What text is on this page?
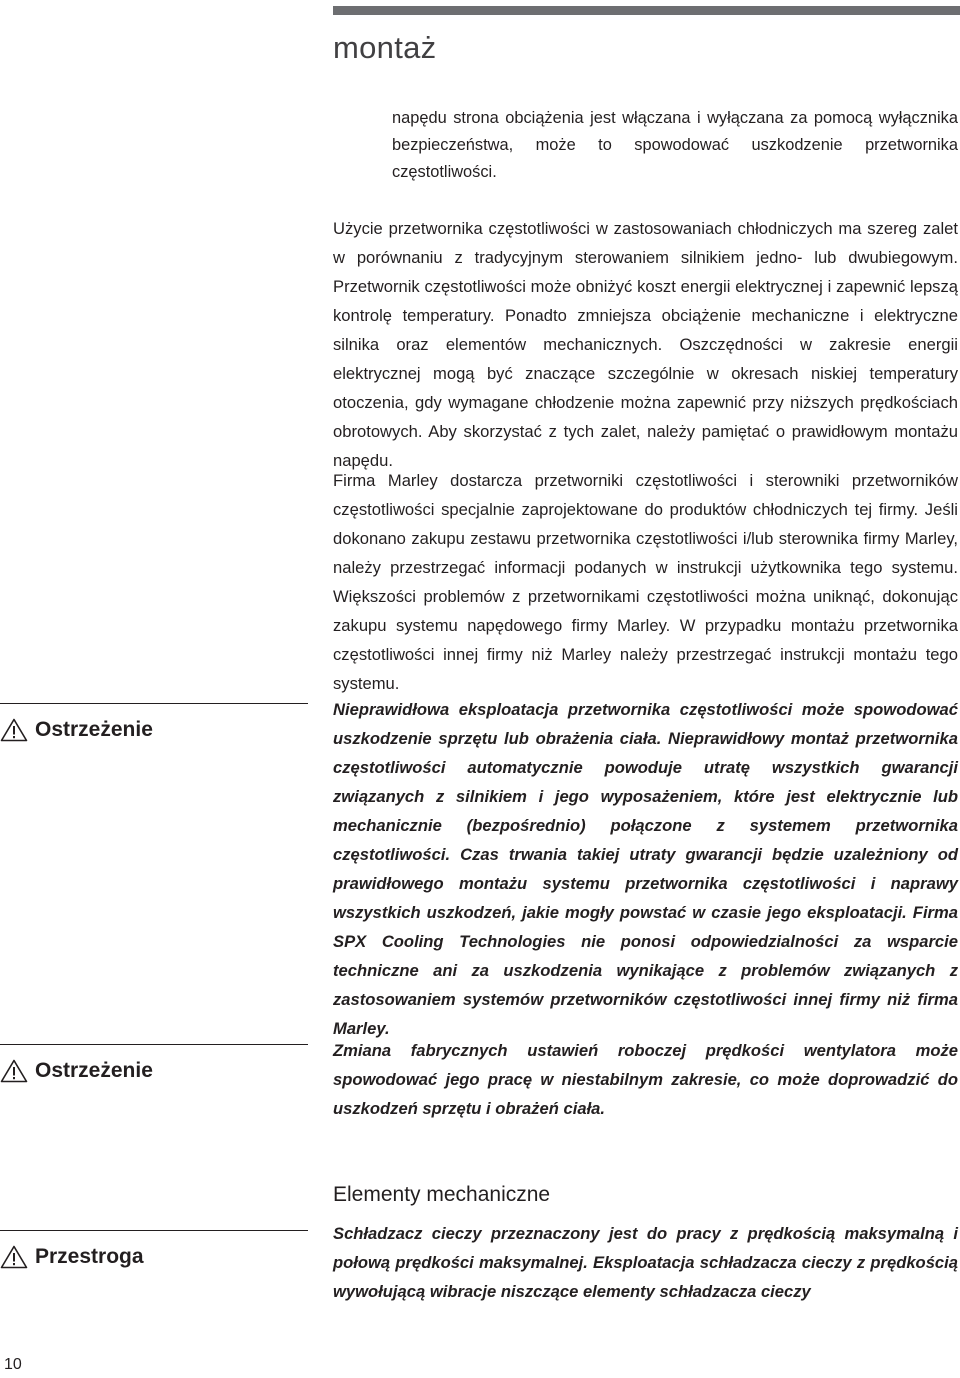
montaż

napędu strona obciążenia jest włączana i wyłączana za pomocą wyłącznika bezpieczeństwa, może to spowodować uszkodzenie przetwornika częstotliwości.

Użycie przetwornika częstotliwości w zastosowaniach chłodniczych ma szereg zalet w porównaniu z tradycyjnym sterowaniem silnikiem jedno- lub dwubiegowym. Przetwornik częstotliwości może obniżyć koszt energii elektrycznej i zapewnić lepszą kontrolę temperatury. Ponadto zmniejsza obciążenie mechaniczne i elektryczne silnika oraz elementów mechanicznych. Oszczędności w zakresie energii elektrycznej mogą być znaczące szczególnie w okresach niskiej temperatury otoczenia, gdy wymagane chłodzenie można zapewnić przy niższych prędkościach obrotowych. Aby skorzystać z tych zalet, należy pamiętać o prawidłowym montażu napędu.

Firma Marley dostarcza przetworniki częstotliwości i sterowniki przetworników częstotliwości specjalnie zaprojektowane do produktów chłodniczych tej firmy. Jeśli dokonano zakupu zestawu przetwornika częstotliwości i/lub sterownika firmy Marley, należy przestrzegać informacji podanych w instrukcji użytkownika tego systemu. Większości problemów z przetwornikami częstotliwości można uniknąć, dokonując zakupu systemu napędowego firmy Marley. W przypadku montażu przetwornika częstotliwości innej firmy niż Marley należy przestrzegać instrukcji montażu tego systemu.

Ostrzeżenie

Nieprawidłowa eksploatacja przetwornika częstotliwości może spowodować uszkodzenie sprzętu lub obrażenia ciała. Nieprawidłowy montaż przetwornika częstotliwości automatycznie powoduje utratę wszystkich gwarancji związanych z silnikiem i jego wyposażeniem, które jest elektrycznie lub mechanicznie (bezpośrednio) połączone z systemem przetwornika częstotliwości. Czas trwania takiej utraty gwarancji będzie uzależniony od prawidłowego montażu systemu przetwornika częstotliwości i naprawy wszystkich uszkodzeń, jakie mogły powstać w czasie jego eksploatacji. Firma SPX Cooling Technologies nie ponosi odpowiedzialności za wsparcie techniczne ani za uszkodzenia wynikające z problemów związanych z zastosowaniem systemów przetworników częstotliwości innej firmy niż firma Marley.

Ostrzeżenie

Zmiana fabrycznych ustawień roboczej prędkości wentylatora może spowodować jego pracę w niestabilnym zakresie, co może doprowadzić do uszkodzeń sprzętu i obrażeń ciała.

Elementy mechaniczne
Przestroga

Schładzacz cieczy przeznaczony jest do pracy z prędkością maksymalną i połową prędkości maksymalnej. Eksploatacja schładzacza cieczy z prędkością wywołującą wibracje niszczące elementy schładzacza cieczy

10
